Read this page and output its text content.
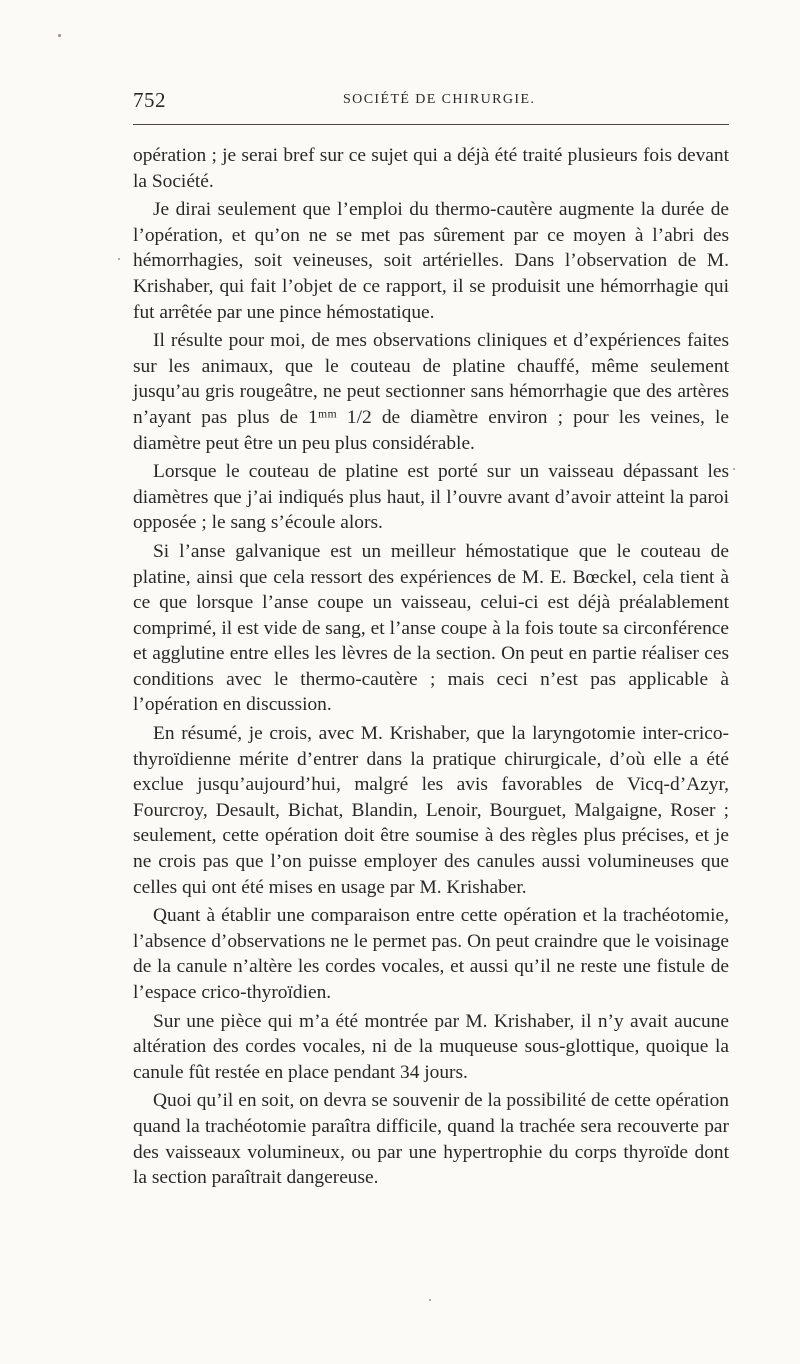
752	SOCIÉTÉ DE CHIRURGIE.

opération ; je serai bref sur ce sujet qui a déjà été traité plusieurs fois devant la Société.

Je dirai seulement que l’emploi du thermo-cautère augmente la durée de l’opération, et qu’on ne se met pas sûrement par ce moyen à l’abri des hémorrhagies, soit veineuses, soit artérielles. Dans l’observation de M. Krishaber, qui fait l’objet de ce rapport, il se produisit une hémorrhagie qui fut arrêtée par une pince hémostatique.

Il résulte pour moi, de mes observations cliniques et d’expériences faites sur les animaux, que le couteau de platine chauffé, même seulement jusqu’au gris rougeâtre, ne peut sectionner sans hémorrhagie que des artères n’ayant pas plus de 1ᵐᵐ 1/2 de diamètre environ ; pour les veines, le diamètre peut être un peu plus considérable.

Lorsque le couteau de platine est porté sur un vaisseau dépassant les diamètres que j’ai indiqués plus haut, il l’ouvre avant d’avoir atteint la paroi opposée ; le sang s’écoule alors.

Si l’anse galvanique est un meilleur hémostatique que le couteau de platine, ainsi que cela ressort des expériences de M. E. Bœckel, cela tient à ce que lorsque l’anse coupe un vaisseau, celui-ci est déjà préalablement comprimé, il est vide de sang, et l’anse coupe à la fois toute sa circonférence et agglutine entre elles les lèvres de la section. On peut en partie réaliser ces conditions avec le thermo-cautère ; mais ceci n’est pas applicable à l’opération en discussion.

En résumé, je crois, avec M. Krishaber, que la laryngotomie inter-crico-thyroïdienne mérite d’entrer dans la pratique chirurgicale, d’où elle a été exclue jusqu’aujourd’hui, malgré les avis favorables de Vicq-d’Azyr, Fourcroy, Desault, Bichat, Blandin, Lenoir, Bourguet, Malgaigne, Roser ; seulement, cette opération doit être soumise à des règles plus précises, et je ne crois pas que l’on puisse employer des canules aussi volumineuses que celles qui ont été mises en usage par M. Krishaber.

Quant à établir une comparaison entre cette opération et la trachéotomie, l’absence d’observations ne le permet pas. On peut craindre que le voisinage de la canule n’altère les cordes vocales, et aussi qu’il ne reste une fistule de l’espace crico-thyroïdien.

Sur une pièce qui m’a été montrée par M. Krishaber, il n’y avait aucune altération des cordes vocales, ni de la muqueuse sous-glottique, quoique la canule fût restée en place pendant 34 jours.

Quoi qu’il en soit, on devra se souvenir de la possibilité de cette opération quand la trachéotomie paraîtra difficile, quand la trachée sera recouverte par des vaisseaux volumineux, ou par une hypertrophie du corps thyroïde dont la section paraîtrait dangereuse.
